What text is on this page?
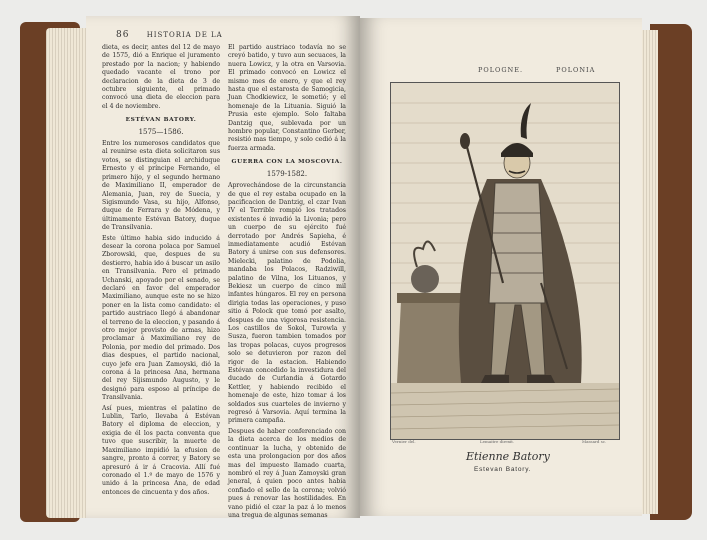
86 HISTORIA DE LA

dieta, es decir, antes del 12 de mayo de 1575, dió a Enrique el juramento prestado por la nacion; y habiendo quedado vacante el trono por declaracion de la dieta de 3 de octubre siguiente, el primado convocó una dieta de eleccion para el 4 de noviembre.

ESTÉVAN BATORY.
1575—1586.

Entre los numerosos candidatos que al reunirse esta dieta solicitaron sus votos, se distinguian el archiduque Ernesto y el príncipe Fernando, el primero hijo, y el segundo hermano de Maximiliano II, emperador de Alemania, Juan, rey de Suecia, y Sigismundo Vasa, su hijo, Alfonso, duque de Ferrara y de Módena, y últimamente Estévan Batory, duque de Transilvania.

Este último habia sido inducido á desear la corona polaca por Samuel Zborowski, que, despues de su destierro, habia ido á buscar un asilo en Transilvania. Pero el primado Uchanski, apoyado por el senado, se declaró en favor del emperador Maximiliano, aunque este no se hizo poner en la lista como candidato: el partido austriaco llegó á abandonar el terreno de la eleccion, y pasando á otro mejor provisto de armas, hizo proclamar á Maximiliano rey de Polonia, por medio del primado. Dos dias despues, el partido nacional, cuyo jefe era Juan Zamoyski, dió la corona á la princesa Ana, hermana del rey Sijismundo Augusto, y le designó para esposo al príncipe de Transilvania.

Así pues, mientras el palatino de Lublin, Tarlo, llevaba á Estévan Batory el diploma de eleccion, y exigia de él los pacta conventa que tuvo que suscribir, la muerte de Maximiliano impidió la efusion de sangre, pronto á correr, y Batory se apresuró á ir á Cracovia. Allí fué coronado el 1.º de mayo de 1576 y unido á la princesa Ana, de edad entonces de cincuenta y dos años.

El partido austriaco todavía no se creyó batido, y tuvo aun secuaces, la nuera Lowicz, y la otra en Varsovia. El primado convocó en Lowicz el mismo mes de enero, y que el rey hasta que el estarosta de Samogicia, Juan Chodkiewicz, le sometió; y el homenaje de la Lituania. Siguió la Prusia este ejemplo. Solo faltaba Dantzig que, sublevada por un hombre popular, Constantino Gerber, resistió mas tiempo, y solo cedió á la fuerza armada.

GUERRA CON LA MOSCOVIA.
1579-1582.

Aprovechándose de la circunstancia de que el rey estaba ocupado en la pacificacion de Dantzig, el czar Ivan IV el Terrible rompió los tratados existentes é invadió la Livonia; pero un cuerpo de su ejército fué derrotado por Andrés Sapieha, é inmediatamente acudió Estévan Batory á unirse con sus defensores. Mielecki, palatino de Podolia, mandaba los Polacos, Radziwill, palatino de Vilna, los Lituanos, y Bekiesz un cuerpo de cinco mil infantes húngaros. El rey en persona dirigia todas las operaciones, y puso sitio á Polock que tomó por asalto, despues de una vigorosa resistencia. Los castillos de Sokol, Turowla y Susza, fueron tambien tomados por las tropas polacas, cuyos progresos solo se detuvieron por razon del rigor de la estacion. Habiendo Estévan concedido la investidura del ducado de Curlandia á Gotardo Kettler, y habiendo recibido el homenaje de este, hizo tomar á los soldados sus cuarteles de invierno y regresó á Varsovia. Aquí termina la primera campaña.

Despues de haber conferenciado con la dieta acerca de los medios de continuar la lucha, y obtenido de esta una prolongacion por dos años mas del impuesto llamado cuarta, nombró el rey á Juan Zamoyski gran jeneral, á quien poco antes habia confiado el sello de la corona; volvió pues á renovar las hostilidades. En vano pidió el czar la paz á lo menos una tregua de algunas semanas

POLOGNE.	POLONIA
Vernier del.	Lemaitre direxit.	Massard sc.
Etienne Batory
Estevan Batory.
